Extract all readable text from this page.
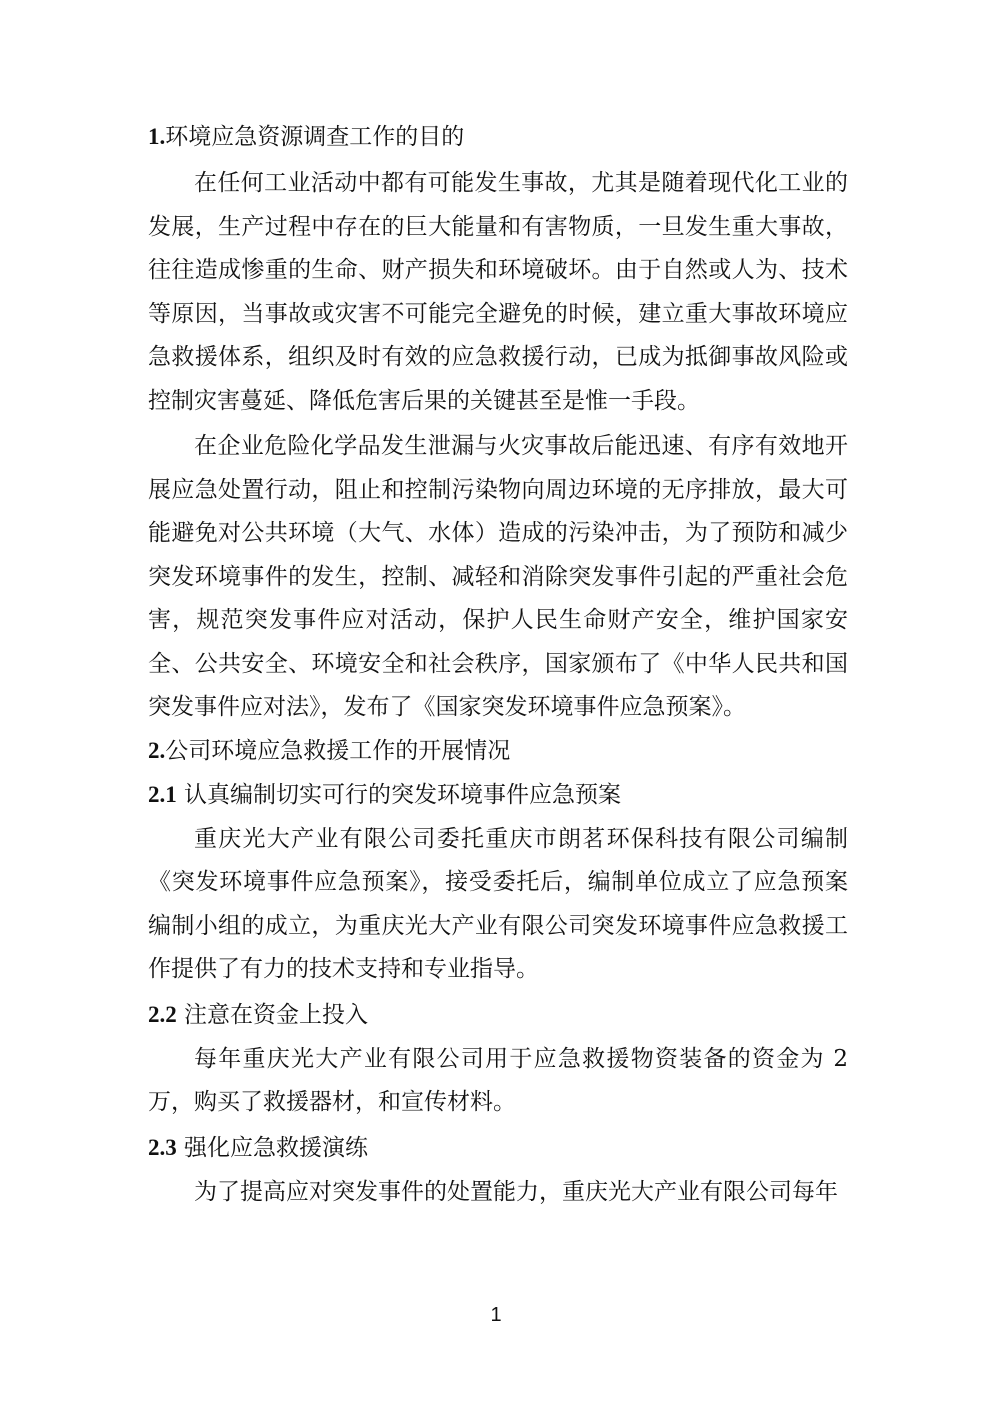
1.环境应急资源调查工作的目的

在任何工业活动中都有可能发生事故，尤其是随着现代化工业的发展，生产过程中存在的巨大能量和有害物质，一旦发生重大事故，往往造成惨重的生命、财产损失和环境破坏。由于自然或人为、技术等原因，当事故或灾害不可能完全避免的时候，建立重大事故环境应急救援体系，组织及时有效的应急救援行动，已成为抵御事故风险或控制灾害蔓延、降低危害后果的关键甚至是惟一手段。

在企业危险化学品发生泄漏与火灾事故后能迅速、有序有效地开展应急处置行动，阻止和控制污染物向周边环境的无序排放，最大可能避免对公共环境（大气、水体）造成的污染冲击，为了预防和减少突发环境事件的发生，控制、减轻和消除突发事件引起的严重社会危害，规范突发事件应对活动，保护人民生命财产安全，维护国家安全、公共安全、环境安全和社会秩序，国家颁布了《中华人民共和国突发事件应对法》，发布了《国家突发环境事件应急预案》。

2.公司环境应急救援工作的开展情况
2.1 认真编制切实可行的突发环境事件应急预案

重庆光大产业有限公司委托重庆市朗茗环保科技有限公司编制《突发环境事件应急预案》，接受委托后，编制单位成立了应急预案编制小组的成立，为重庆光大产业有限公司突发环境事件应急救援工作提供了有力的技术支持和专业指导。

2.2 注意在资金上投入

每年重庆光大产业有限公司用于应急救援物资装备的资金为 2 万，购买了救援器材，和宣传材料。

2.3 强化应急救援演练

为了提高应对突发事件的处置能力，重庆光大产业有限公司每年

1
